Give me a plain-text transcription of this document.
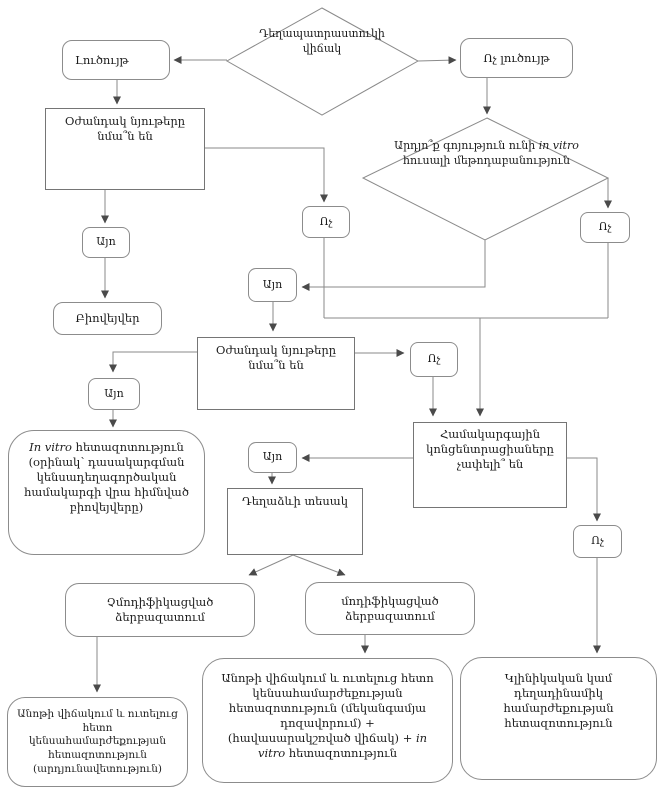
Դեղապատրաստուկի վիճակ
Արդյո՞ք գոյություն ունի in vitro հուսալի մեթոդաբանություն
Լուծույթ	Ոչ լուծույթ
Օժանդակ նյութերը նմա՞ն են
Այո
Բիովեյվեր
Ոչ	Ոչ
Այո
Օժանդակ նյութերը նմա՞ն են	Ոչ
Այո
In vitro հետազոտություն (օրինակ՝ դասակարգման կենսադեղագործական համակարգի վրա հիմնված բիովեյվերը)
Այո
Դեղաձևի տեսակ
Համակարգային կոնցենտրացիաները չափելի՞ են
Ոչ
Չմոդիֆիկացված ձերբազատում
մոդիֆիկացված ձերբազատում
Անոթի վիճակում և ուտելուց հետո կենսահամարժեքության հետազոտություն (արդյունավետություն)
Անոթի վիճակում և ուտելուց հետո կենսահամարժեքության հետազոտություն (մեկանգամյա դոզավորում) + (հավասարակշռված վիճակ) + in vitro հետազոտություն
Կլինիկական կամ դեղադինամիկ համարժեքության հետազոտություն
